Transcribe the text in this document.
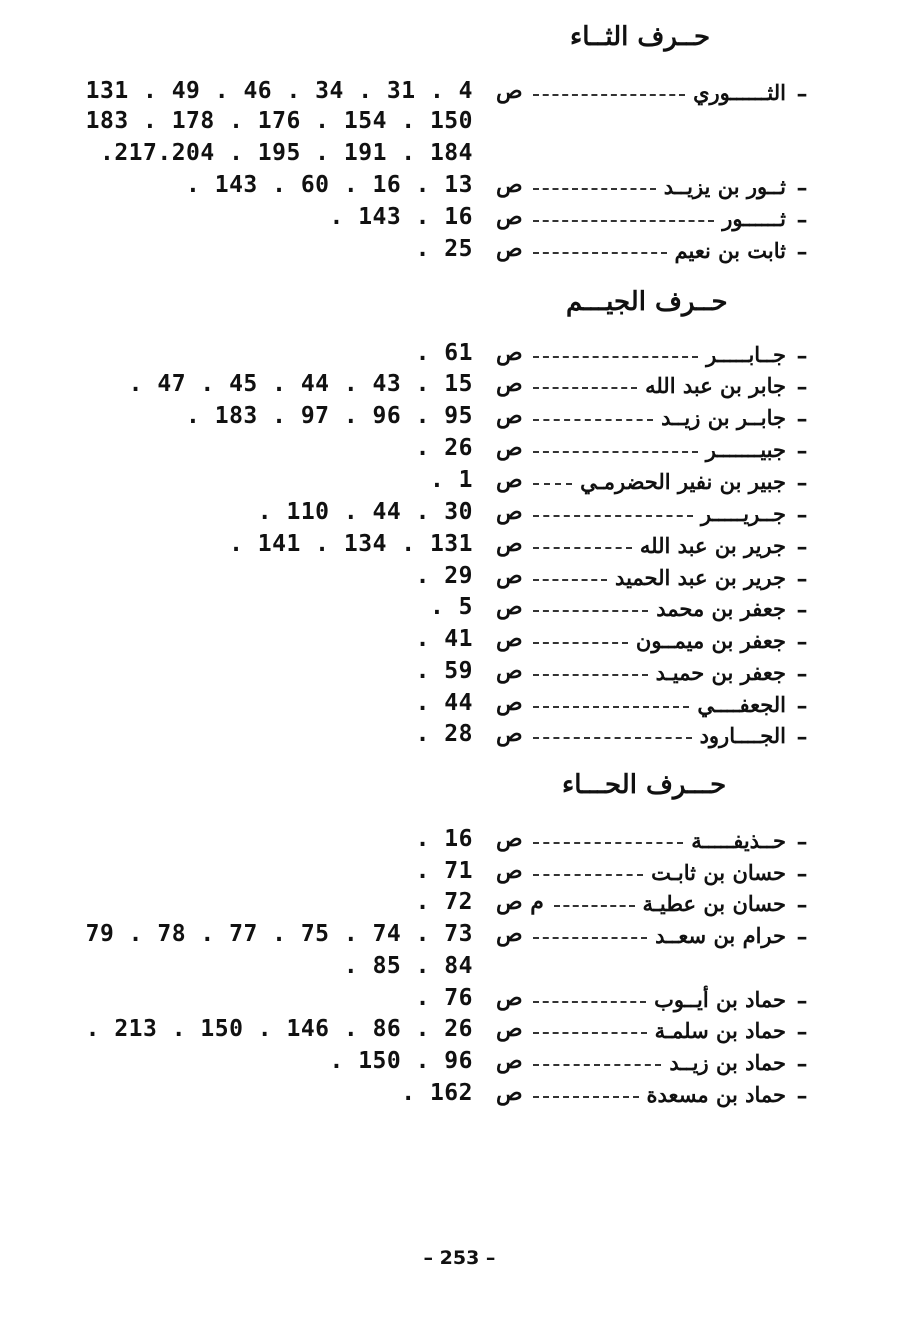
حــرف الثــاء
–
الثــــــوري
ص
131 . 49 . 46 . 34 . 31 . 4
183 . 178 . 176 . 154 . 150
.217.204 . 195 . 191 . 184
–
ثــور بن يزيــد
ص
. 143 . 60 . 16 . 13
–
ثــــــور
ص
. 143 . 16
–
ثابت بن نعيم
ص
. 25
حــرف الجيـــم
–
جــابـــــر
ص
. 61
–
جابر بن عبد الله
ص
. 47 . 45 . 44 . 43 . 15
–
جابــر بن زيــد
ص
. 183 . 97 . 96 . 95
–
جبيـــــــر
ص
. 26
–
جبير بن نفير الحضرمـي
ص
. 1
–
جــريـــــر
ص
. 110 . 44 . 30
–
جرير بن عبد الله
ص
. 141 . 134 . 131
–
جرير بن عبد الحميد
ص
. 29
–
جعفر بن محمد
ص
. 5
–
جعفر بن ميمــون
ص
. 41
–
جعفر بن حميـد
ص
. 59
–
الجعفــــي
ص
. 44
–
الجــــارود
ص
. 28
حـــرف الحـــاء
–
حــذيفـــــة
ص
. 16
–
حسان بن ثابـت
ص
. 71
–
حسان بن عطيـة
م ص
. 72
–
حرام بن سعــد
ص
79 . 78 . 77 . 75 . 74 . 73
. 85 . 84
–
حماد بن أيــوب
ص
. 76
–
حماد بن سلمـة
ص
. 213 . 150 . 146 . 86 . 26
–
حماد بن زيــد
ص
. 150 . 96
–
حماد بن مسعدة
ص
. 162
– 253 –
